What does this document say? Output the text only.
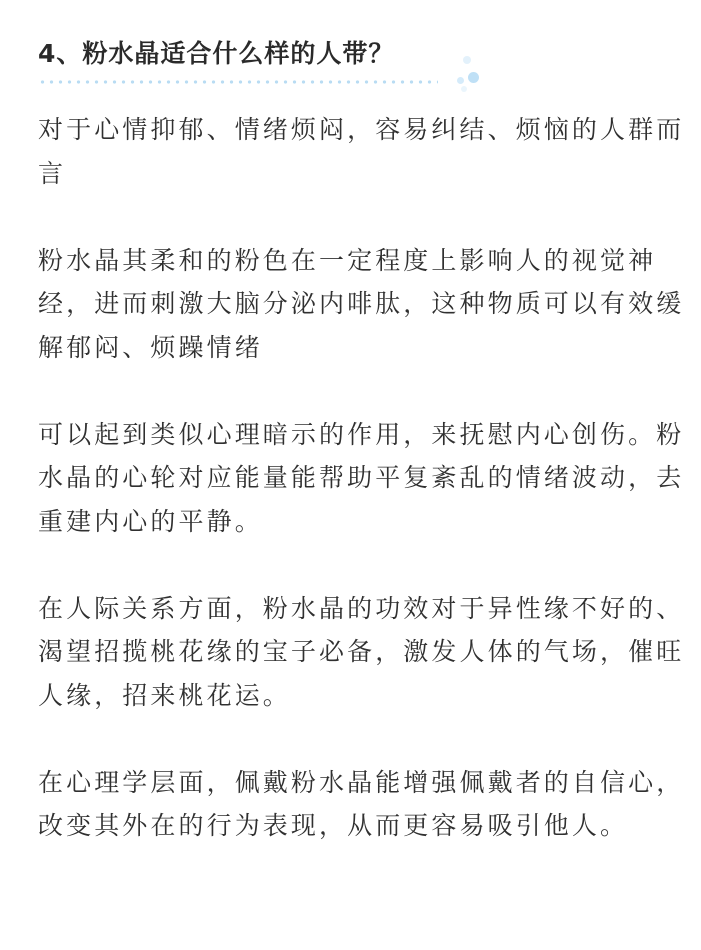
4、粉水晶适合什么样的人带？

对于心情抑郁、情绪烦闷，容易纠结、烦恼的人群而言

粉水晶其柔和的粉色在一定程度上影响人的视觉神经，进而刺激大脑分泌内啡肽，这种物质可以有效缓解郁闷、烦躁情绪

可以起到类似心理暗示的作用，来抚慰内心创伤。粉水晶的心轮对应能量能帮助平复紊乱的情绪波动，去重建内心的平静。

在人际关系方面，粉水晶的功效对于异性缘不好的、渴望招揽桃花缘的宝子必备，激发人体的气场，催旺人缘，招来桃花运。

在心理学层面，佩戴粉水晶能增强佩戴者的自信心，改变其外在的行为表现，从而更容易吸引他人。
